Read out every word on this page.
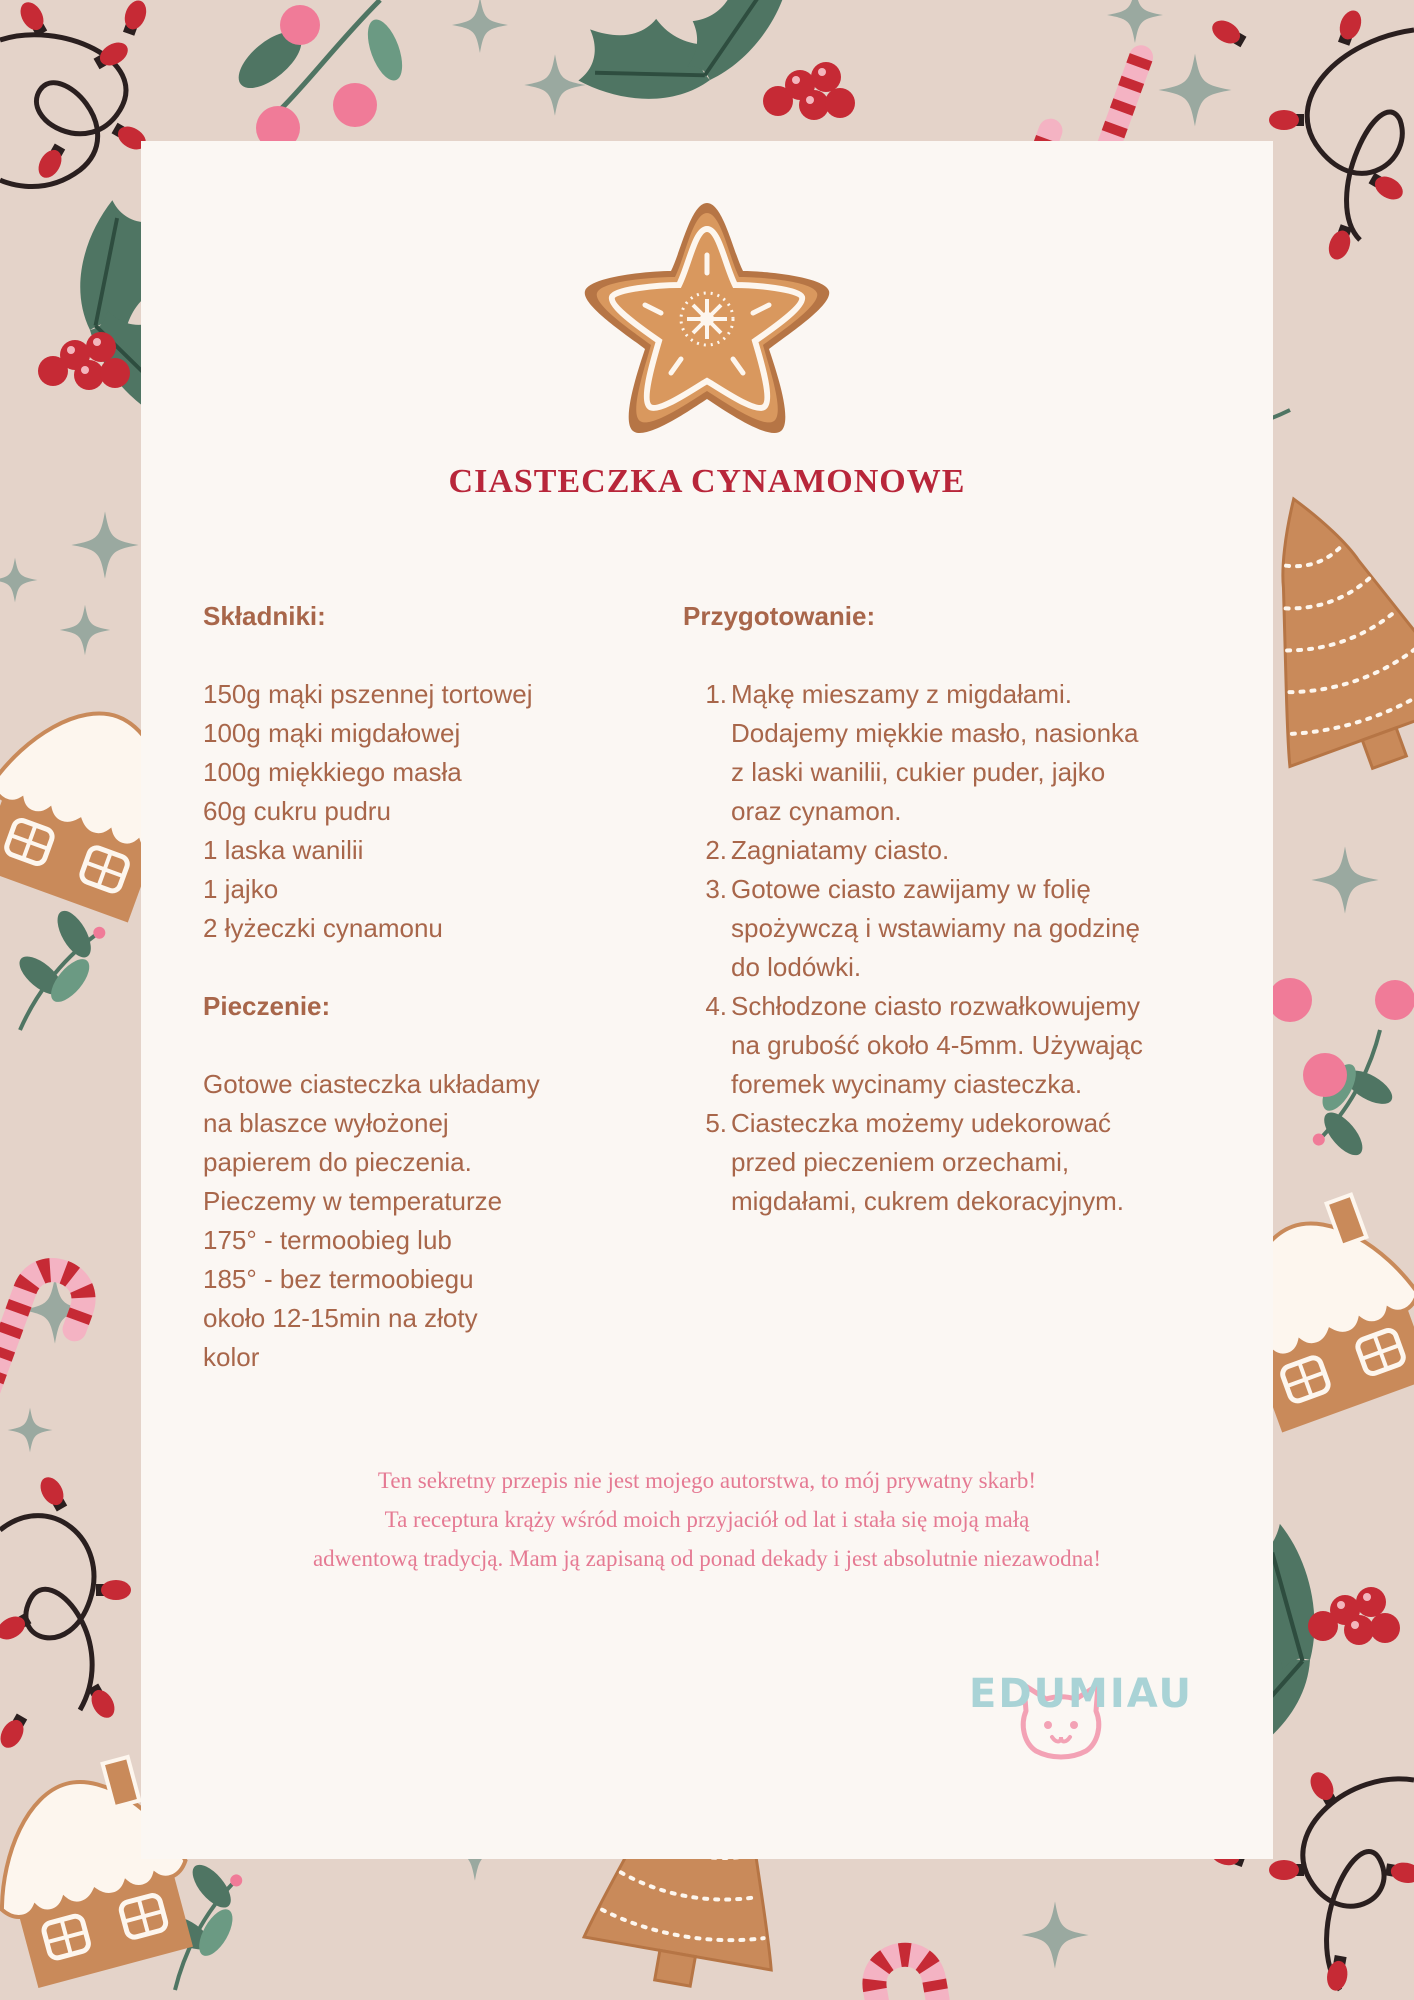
CIASTECZKA CYNAMONOWE

Składniki:

150g mąki pszennej tortowej
100g mąki migdałowej
100g miękkiego masła
60g cukru pudru
1 laska wanilii
1 jajko
2 łyżeczki cynamonu

Pieczenie:

Gotowe ciasteczka układamy
na blaszce wyłożonej
papierem do pieczenia.
Pieczemy w temperaturze
175° - termoobieg lub
185° - bez termoobiegu
około 12-15min na złoty
kolor

Przygotowanie:

1. Mąkę mieszamy z migdałami.
Dodajemy miękkie masło, nasionka
z laski wanilii, cukier puder, jajko
oraz cynamon.
2. Zagniatamy ciasto.
3. Gotowe ciasto zawijamy w folię
spożywczą i wstawiamy na godzinę
do lodówki.
4. Schłodzone ciasto rozwałkowujemy
na grubość około 4-5mm. Używając
foremek wycinamy ciasteczka.
5. Ciasteczka możemy udekorować
przed pieczeniem orzechami,
migdałami, cukrem dekoracyjnym.
Ten sekretny przepis nie jest mojego autorstwa, to mój prywatny skarb!
Ta receptura krąży wśród moich przyjaciół od lat i stała się moją małą
adwentową tradycją. Mam ją zapisaną od ponad dekady i jest absolutnie niezawodna!
EDUMIAU
